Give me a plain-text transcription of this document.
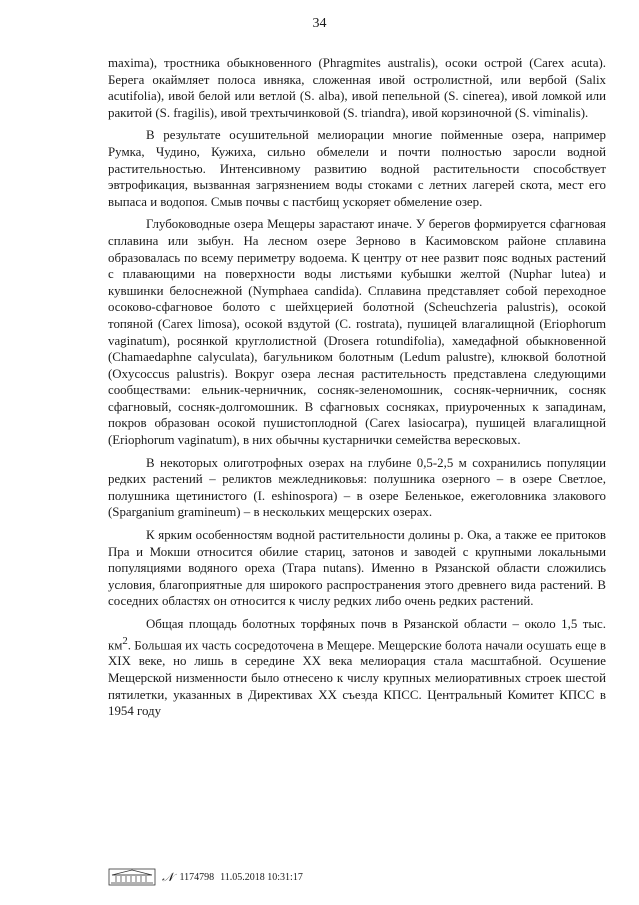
34

maxima), тростника обыкновенного (Phragmites australis), осоки острой (Carex acuta). Берега окаймляет полоса ивняка, сложенная ивой остролистной, или вербой (Salix acutifolia), ивой белой или ветлой (S. alba), ивой пепельной (S. cinerea), ивой ломкой или ракитой (S. fragilis), ивой трехтычинковой (S. triandra), ивой корзиночной (S. viminalis).

В результате осушительной мелиорации многие пойменные озера, например Румка, Чудино, Кужиха, сильно обмелели и почти полностью заросли водной растительностью. Интенсивному развитию водной растительности способствует эвтрофикация, вызванная загрязнением воды стоками с летних лагерей скота, мест его выпаса и водопоя. Смыв почвы с пастбищ ускоряет обмеление озер.

Глубоководные озера Мещеры зарастают иначе. У берегов формируется сфагновая сплавина или зыбун. На лесном озере Зерново в Касимовском районе сплавина образовалась по всему периметру водоема. К центру от нее развит пояс водных растений с плавающими на поверхности воды листьями кубышки желтой (Nuphar lutea) и кувшинки белоснежной (Nymphaea candida). Сплавина представляет собой переходное осоково-сфагновое болото с шейхцерией болотной (Scheuchzeria palustris), осокой топяной (Carex limosa), осокой вздутой (C. rostrata), пушицей влагалищной (Eriophorum vaginatum), росянкой круглолистной (Drosera rotundifolia), хамедафной обыкновенной (Chamaedaphne calyculata), багульником болотным (Ledum palustre), клюквой болотной (Oxycoccus palustris). Вокруг озера лесная растительность представлена следующими сообществами: ельник-черничник, сосняк-зеленомошник, сосняк-черничник, сосняк сфагновый, сосняк-долгомошник. В сфагновых сосняках, приуроченных к западинам, покров образован осокой пушистоплодной (Carex lasiocarpa), пушицей влагалищной (Eriophorum vaginatum), в них обычны кустарнички семейства вересковых.

В некоторых олиготрофных озерах на глубине 0,5-2,5 м сохранились популяции редких растений – реликтов межледниковья: полушника озерного – в озере Светлое, полушника щетинистого (I. eshinospora) – в озере Беленькое, ежеголовника злакового (Sparganium gramineum) – в нескольких мещерских озерах.

К ярким особенностям водной растительности долины р. Ока, а также ее притоков Пра и Мокши относится обилие стариц, затонов и заводей с крупными локальными популяциями водяного ореха (Trapa nutans). Именно в Рязанской области сложились условия, благоприятные для широкого распространения этого древнего вида растений. В соседних областях он относится к числу редких либо очень редких растений.

Общая площадь болотных торфяных почв в Рязанской области – около 1,5 тыс. $км^2$. Большая их часть сосредоточена в Мещере. Мещерские болота начали осушать еще в XIX веке, но лишь в середине XX века мелиорация стала масштабной. Осушение Мещерской низменности было отнесено к числу крупных мелиоративных строек шестой пятилетки, указанных в Директивах XX съезда КПСС. Центральный Комитет КПСС в 1954 году

𝒩 1174798 11.05.2018 10:31:17
